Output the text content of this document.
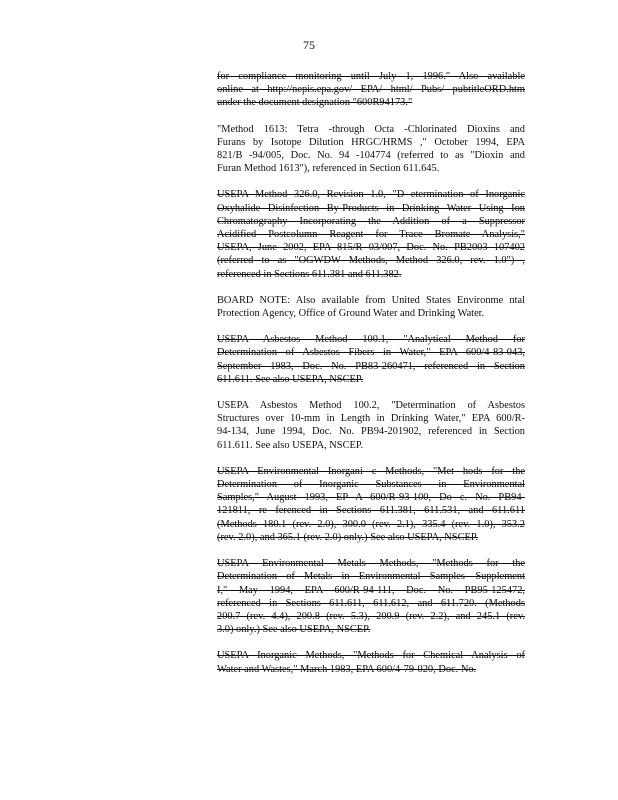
75
for compliance monitoring until July 1, 1996." Also available
online at http://nepis.epa.gov/ EPA/ html/ Pubs/ pubtitleORD.htm
under the document designation "600R94173."
"Method 1613: Tetra -through Octa -Chlorinated Dioxins and
Furans by Isotope Dilution HRGC/HRMS ," October 1994, EPA
821/B -94/005, Doc. No. 94 -104774 (referred to as "Dioxin and
Furan Method 1613"), referenced in Section 611.645.
USEPA Method 326.0, Revision 1.0, "D etermination of Inorganic
Oxyhalide Disinfection By-Products in Drinking Water Using Ion
Chromatography Incorporating the Addition of a Suppressor
Acidified Postcolumn Reagent for Trace Bromate Analysis,"
USEPA, June 2002, EPA 815/R 03/007, Doc. No. PB2003 107402
(referred to as "OGWDW Methods, Method 326.0, rev. 1.0") ,
referenced in Sections 611.381 and 611.382.
BOARD NOTE: Also available from United States Environme ntal
Protection Agency, Office of Ground Water and Drinking Water.
USEPA Asbestos Method 100.1, "Analytical Method for
Determination of Asbestos Fibers in Water," EPA 600/4-83-043,
September 1983, Doc. No. PB83-260471, referenced in Section
611.611. See also USEPA, NSCEP.
USEPA Asbestos Method 100.2, "Determination of Asbestos
Structures over 10-mm in Length in Drinking Water," EPA 600/R-
94-134, June 1994, Doc. No. PB94-201902, referenced in Section
611.611. See also USEPA, NSCEP.
USEPA Environmental Inorgani c Methods, "Met hods for the
Determination of Inorganic Substances in Environmental
Samples," August 1993, EP A 600/R-93-100, Do c. No. PB94-
121811, re ferenced in Sections 611.381, 611.531, and 611.611
(Methods 180.1 (rev. 2.0), 300.0 (rev. 2.1), 335.4 (rev. 1.0), 353.2
(rev. 2.0), and 365.1 (rev. 2.0) only.) See also USEPA, NSCEP.
USEPA Environmental Metals Methods, "Methods for the
Determination of Metals in Environmental Samples—Supplement
I," May 1994, EPA 600/R-94-111, Doc. No. PB95-125472,
referenced in Sections 611.611, 611.612, and 611.720. (Methods
200.7 (rev. 4.4), 200.8 (rev. 5.3), 200.9 (rev. 2.2), and 245.1 (rev.
3.0) only.) See also USEPA, NSCEP.
USEPA Inorganic Methods, "Methods for Chemical Analysis of
Water and Wastes," March 1983, EPA 600/4-79-020, Doc. No.
